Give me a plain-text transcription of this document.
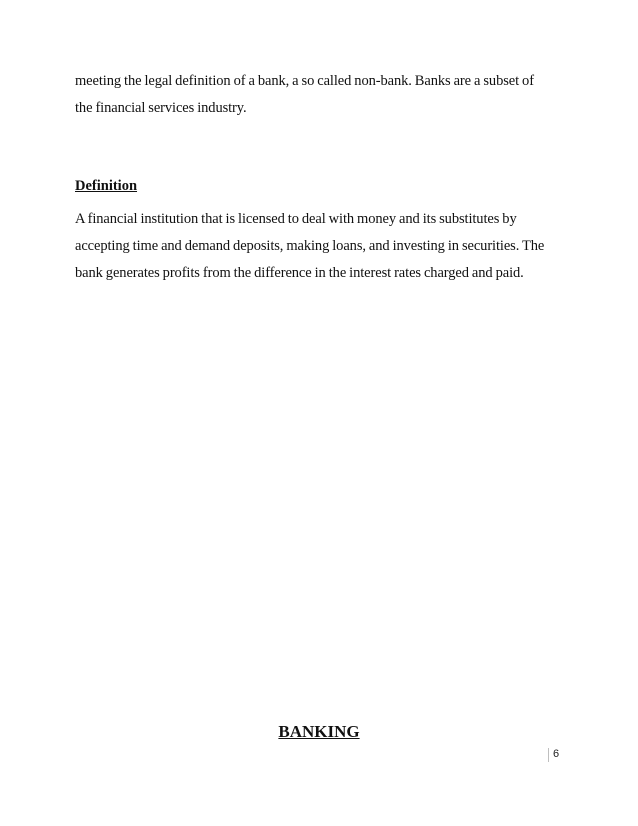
meeting the legal definition of a bank, a so called non-bank. Banks are a subset of
the financial services industry.
Definition
A financial institution that is licensed to deal with money and its substitutes by
accepting time and demand deposits, making loans, and investing in securities. The
bank generates profits from the difference in the interest rates charged and paid.
BANKING
6
